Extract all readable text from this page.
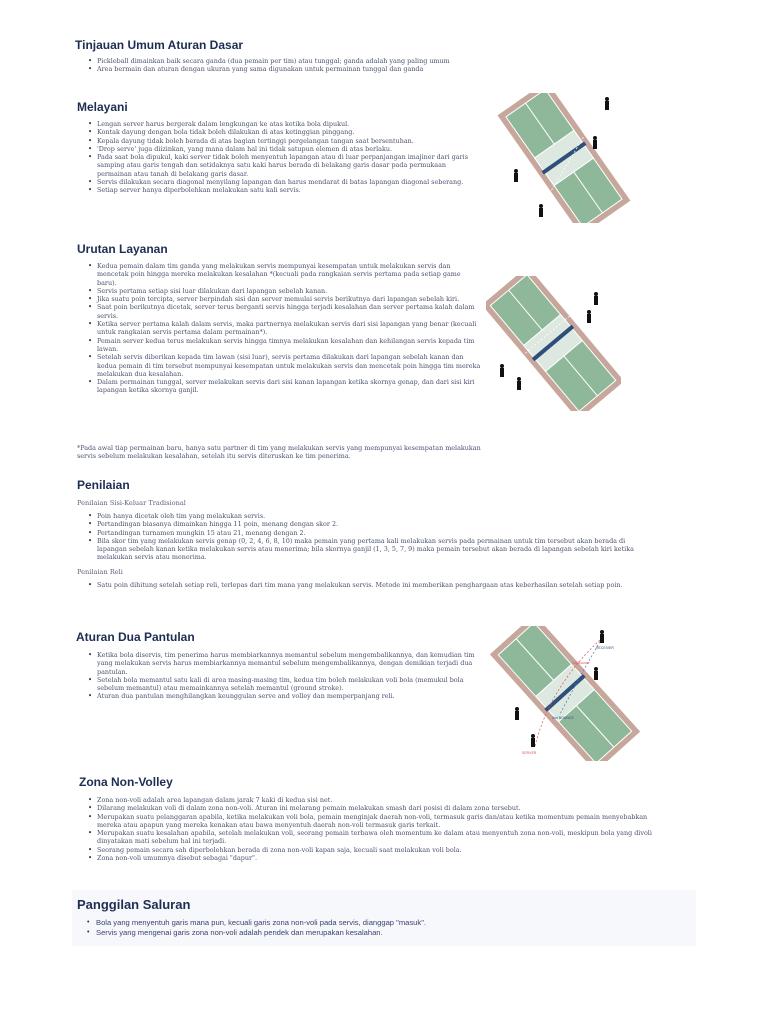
Tinjauan Umum Aturan Dasar
• Pickleball dimainkan baik secara ganda (dua pemain per tim) atau tunggal; ganda adalah yang paling umum
• Area bermain dan aturan dengan ukuran yang sama digunakan untuk permainan tunggal dan ganda
Melayani
• Lengan server harus bergerak dalam lengkungan ke atas ketika bola dipukul.
• Kontak dayung dengan bola tidak boleh dilakukan di atas ketinggian pinggang.
• Kepala dayung tidak boleh berada di atas bagian tertinggi pergelangan tangan saat bersentuhan.
• 'Drop serve' juga diizinkan, yang mana dalam hal ini tidak satupun elemen di atas berlaku.
• Pada saat bola dipukul, kaki server tidak boleh menyentuh lapangan atau di luar perpanjangan imajiner dari garis samping atau garis tengah dan setidaknya satu kaki harus berada di belakang garis dasar pada permukaan permainan atau tanah di belakang garis dasar.
• Servis dilakukan secara diagonal menyilang lapangan dan harus mendarat di batas lapangan diagonal seberang.
• Setiap server hanya diperbolehkan melakukan satu kali servis.
Urutan Layanan
• Kedua pemain dalam tim ganda yang melakukan servis mempunyai kesempatan untuk melakukan servis dan mencetak poin hingga mereka melakukan kesalahan *(kecuali pada rangkaian servis pertama pada setiap game baru).
• Servis pertama setiap sisi luar dilakukan dari lapangan sebelah kanan.
• Jika suatu poin tercipta, server berpindah sisi dan server memulai servis berikutnya dari lapangan sebelah kiri.
• Saat poin berikutnya dicetak, server terus berganti servis hingga terjadi kesalahan dan server pertama kalah dalam servis.
• Ketika server pertama kalah dalam servis, maka partnernya melakukan servis dari sisi lapangan yang benar (kecuali untuk rangkaian servis pertama dalam permainan*).
• Pemain server kedua terus melakukan servis hingga timnya melakukan kesalahan dan kehilangan servis kepada tim lawan.
• Setelah servis diberikan kepada tim lawan (sisi luar), servis pertama dilakukan dari lapangan sebelah kanan dan kedua pemain di tim tersebut mempunyai kesempatan untuk melakukan servis dan mencetak poin hingga tim mereka melakukan dua kesalahan.
• Dalam permainan tunggal, server melakukan servis dari sisi kanan lapangan ketika skornya genap, dan dari sisi kiri lapangan ketika skornya ganjil.

*Pada awal tiap permainan baru, hanya satu partner di tim yang melakukan servis yang mempunyai kesempatan melakukan servis sebelum melakukan kesalahan, setelah itu servis diteruskan ke tim penerima.

Penilaian

Penilaian Sisi-Keluar Tradisional

• Poin hanya dicetak oleh tim yang melakukan servis.
• Pertandingan biasanya dimainkan hingga 11 poin, menang dengan skor 2.
• Pertandingan turnamen mungkin 15 atau 21, menang dengan 2.
• Bila skor tim yang melakukan servis genap (0, 2, 4, 6, 8, 10) maka pemain yang pertama kali melakukan servis pada permainan untuk tim tersebut akan berada di lapangan sebelah kanan ketika melakukan servis atau menerima; bila skornya ganjil (1, 3, 5, 7, 9) maka pemain tersebut akan berada di lapangan sebelah kiri ketika melakukan servis atau menerima.

Penilaian Reli

• Satu poin dihitung setelah setiap reli, terlepas dari tim mana yang melakukan servis. Metode ini memberikan penghargaan atas keberhasilan setelah setiap poin.
Aturan Dua Pantulan
• Ketika bola diservis, tim penerima harus membiarkannya memantul sebelum mengembalikannya, dan kemudian tim yang melakukan servis harus membiarkannya memantul sebelum mengembalikannya, dengan demikian terjadi dua pantulan.
• Setelah bola memantul satu kali di area masing-masing tim, kedua tim boleh melakukan voli bola (memukul bola sebelum memantul) atau memainkannya setelah memantul (ground stroke).
• Aturan dua pantulan menghilangkan keunggulan serve and volley dan memperpanjang reli.
1st Bounce
RECEIVER
2nd BOUNCE
SERVER
Zona Non-Volley
• Zona non-voli adalah area lapangan dalam jarak 7 kaki di kedua sisi net.
• Dilarang melakukan voli di dalam zona non-voli. Aturan ini melarang pemain melakukan smash dari posisi di dalam zona tersebut.
• Merupakan suatu pelanggaran apabila, ketika melakukan voli bola, pemain menginjak daerah non-voli, termasuk garis dan/atau ketika momentum pemain menyebabkan mereka atau apapun yang mereka kenakan atau bawa menyentuh daerah non-voli termasuk garis terkait.
• Merupakan suatu kesalahan apabila, setelah melakukan voli, seorang pemain terbawa oleh momentum ke dalam atau menyentuh zona non-voli, meskipun bola yang divoli dinyatakan mati sebelum hal ini terjadi.
• Seorang pemain secara sah diperbolehkan berada di zona non-voli kapan saja, kecuali saat melakukan voli bola.
• Zona non-voli umumnya disebut sebagai "dapur".
Panggilan Saluran
• Bola yang menyentuh garis mana pun, kecuali garis zona non-voli pada servis, dianggap "masuk".
• Servis yang mengenai garis zona non-voli adalah pendek dan merupakan kesalahan.
